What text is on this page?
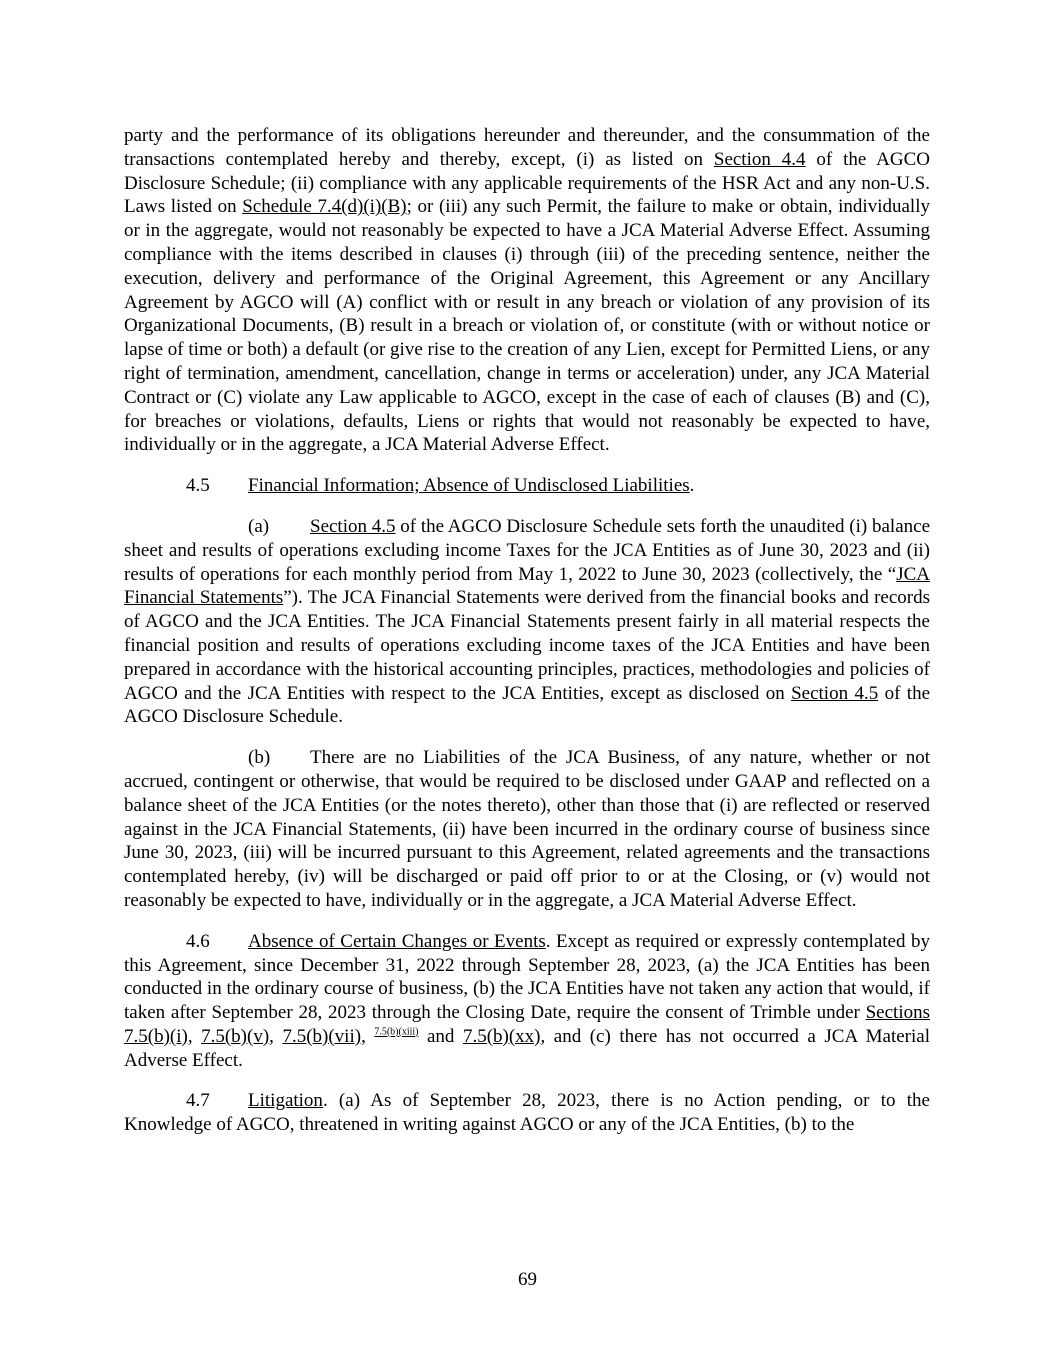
party and the performance of its obligations hereunder and thereunder, and the consummation of the transactions contemplated hereby and thereby, except, (i) as listed on Section 4.4 of the AGCO Disclosure Schedule; (ii) compliance with any applicable requirements of the HSR Act and any non-U.S. Laws listed on Schedule 7.4(d)(i)(B); or (iii) any such Permit, the failure to make or obtain, individually or in the aggregate, would not reasonably be expected to have a JCA Material Adverse Effect. Assuming compliance with the items described in clauses (i) through (iii) of the preceding sentence, neither the execution, delivery and performance of the Original Agreement, this Agreement or any Ancillary Agreement by AGCO will (A) conflict with or result in any breach or violation of any provision of its Organizational Documents, (B) result in a breach or violation of, or constitute (with or without notice or lapse of time or both) a default (or give rise to the creation of any Lien, except for Permitted Liens, or any right of termination, amendment, cancellation, change in terms or acceleration) under, any JCA Material Contract or (C) violate any Law applicable to AGCO, except in the case of each of clauses (B) and (C), for breaches or violations, defaults, Liens or rights that would not reasonably be expected to have, individually or in the aggregate, a JCA Material Adverse Effect.

4.5 Financial Information; Absence of Undisclosed Liabilities.

(a) Section 4.5 of the AGCO Disclosure Schedule sets forth the unaudited (i) balance sheet and results of operations excluding income Taxes for the JCA Entities as of June 30, 2023 and (ii) results of operations for each monthly period from May 1, 2022 to June 30, 2023 (collectively, the “JCA Financial Statements”). The JCA Financial Statements were derived from the financial books and records of AGCO and the JCA Entities. The JCA Financial Statements present fairly in all material respects the financial position and results of operations excluding income taxes of the JCA Entities and have been prepared in accordance with the historical accounting principles, practices, methodologies and policies of AGCO and the JCA Entities with respect to the JCA Entities, except as disclosed on Section 4.5 of the AGCO Disclosure Schedule.

(b) There are no Liabilities of the JCA Business, of any nature, whether or not accrued, contingent or otherwise, that would be required to be disclosed under GAAP and reflected on a balance sheet of the JCA Entities (or the notes thereto), other than those that (i) are reflected or reserved against in the JCA Financial Statements, (ii) have been incurred in the ordinary course of business since June 30, 2023, (iii) will be incurred pursuant to this Agreement, related agreements and the transactions contemplated hereby, (iv) will be discharged or paid off prior to or at the Closing, or (v) would not reasonably be expected to have, individually or in the aggregate, a JCA Material Adverse Effect.

4.6 Absence of Certain Changes or Events. Except as required or expressly contemplated by this Agreement, since December 31, 2022 through September 28, 2023, (a) the JCA Entities has been conducted in the ordinary course of business, (b) the JCA Entities have not taken any action that would, if taken after September 28, 2023 through the Closing Date, require the consent of Trimble under Sections 7.5(b)(i), 7.5(b)(v), 7.5(b)(vii), $^{7.5(b)(xiii)}$ and 7.5(b)(xx), and (c) there has not occurred a JCA Material Adverse Effect.

4.7 Litigation. (a) As of September 28, 2023, there is no Action pending, or to the Knowledge of AGCO, threatened in writing against AGCO or any of the JCA Entities, (b) to the

69
